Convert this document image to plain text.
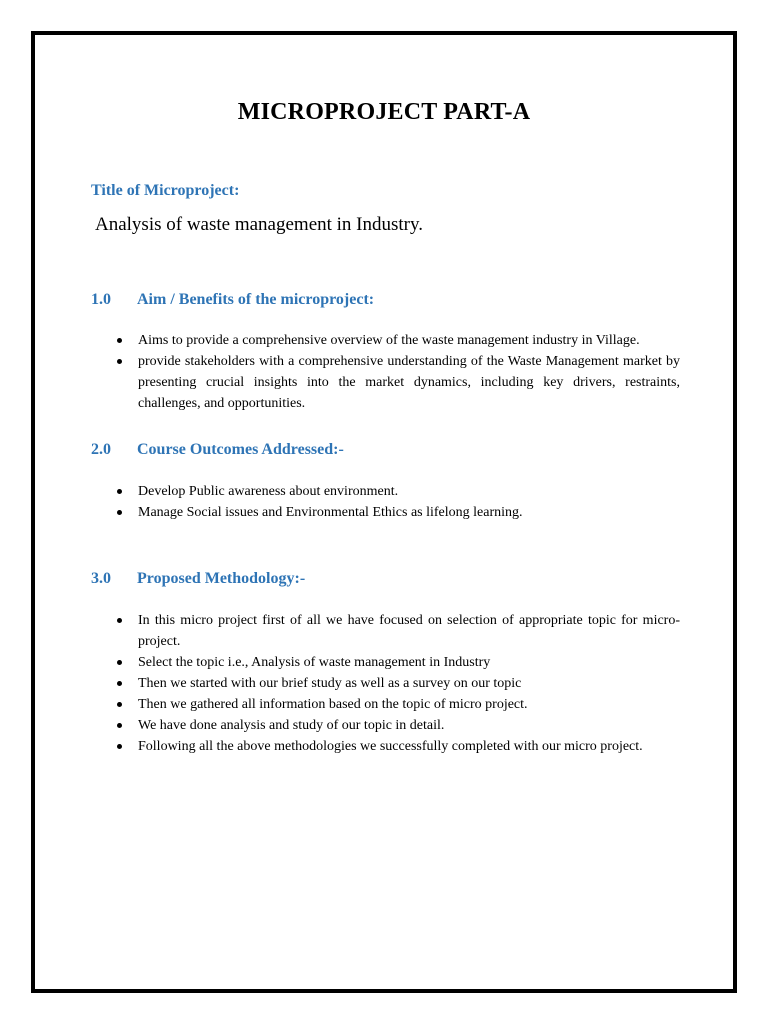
MICROPROJECT PART-A
Title of Microproject:
Analysis of waste management in Industry.
1.0 Aim / Benefits of the microproject:
Aims to provide a comprehensive overview of the waste management industry in Village.
provide stakeholders with a comprehensive understanding of the Waste Management market by presenting crucial insights into the market dynamics, including key drivers, restraints, challenges, and opportunities.
2.0 Course Outcomes Addressed:-
Develop Public awareness about environment.
Manage Social issues and Environmental Ethics as lifelong learning.
3.0 Proposed Methodology:-
In this micro project first of all we have focused on selection of appropriate topic for micro-project.
Select the topic i.e., Analysis of waste management in Industry
Then we started with our brief study as well as a survey on our topic
Then we gathered all information based on the topic of micro project.
We have done analysis and study of our topic in detail.
Following all the above methodologies we successfully completed with our micro project.
